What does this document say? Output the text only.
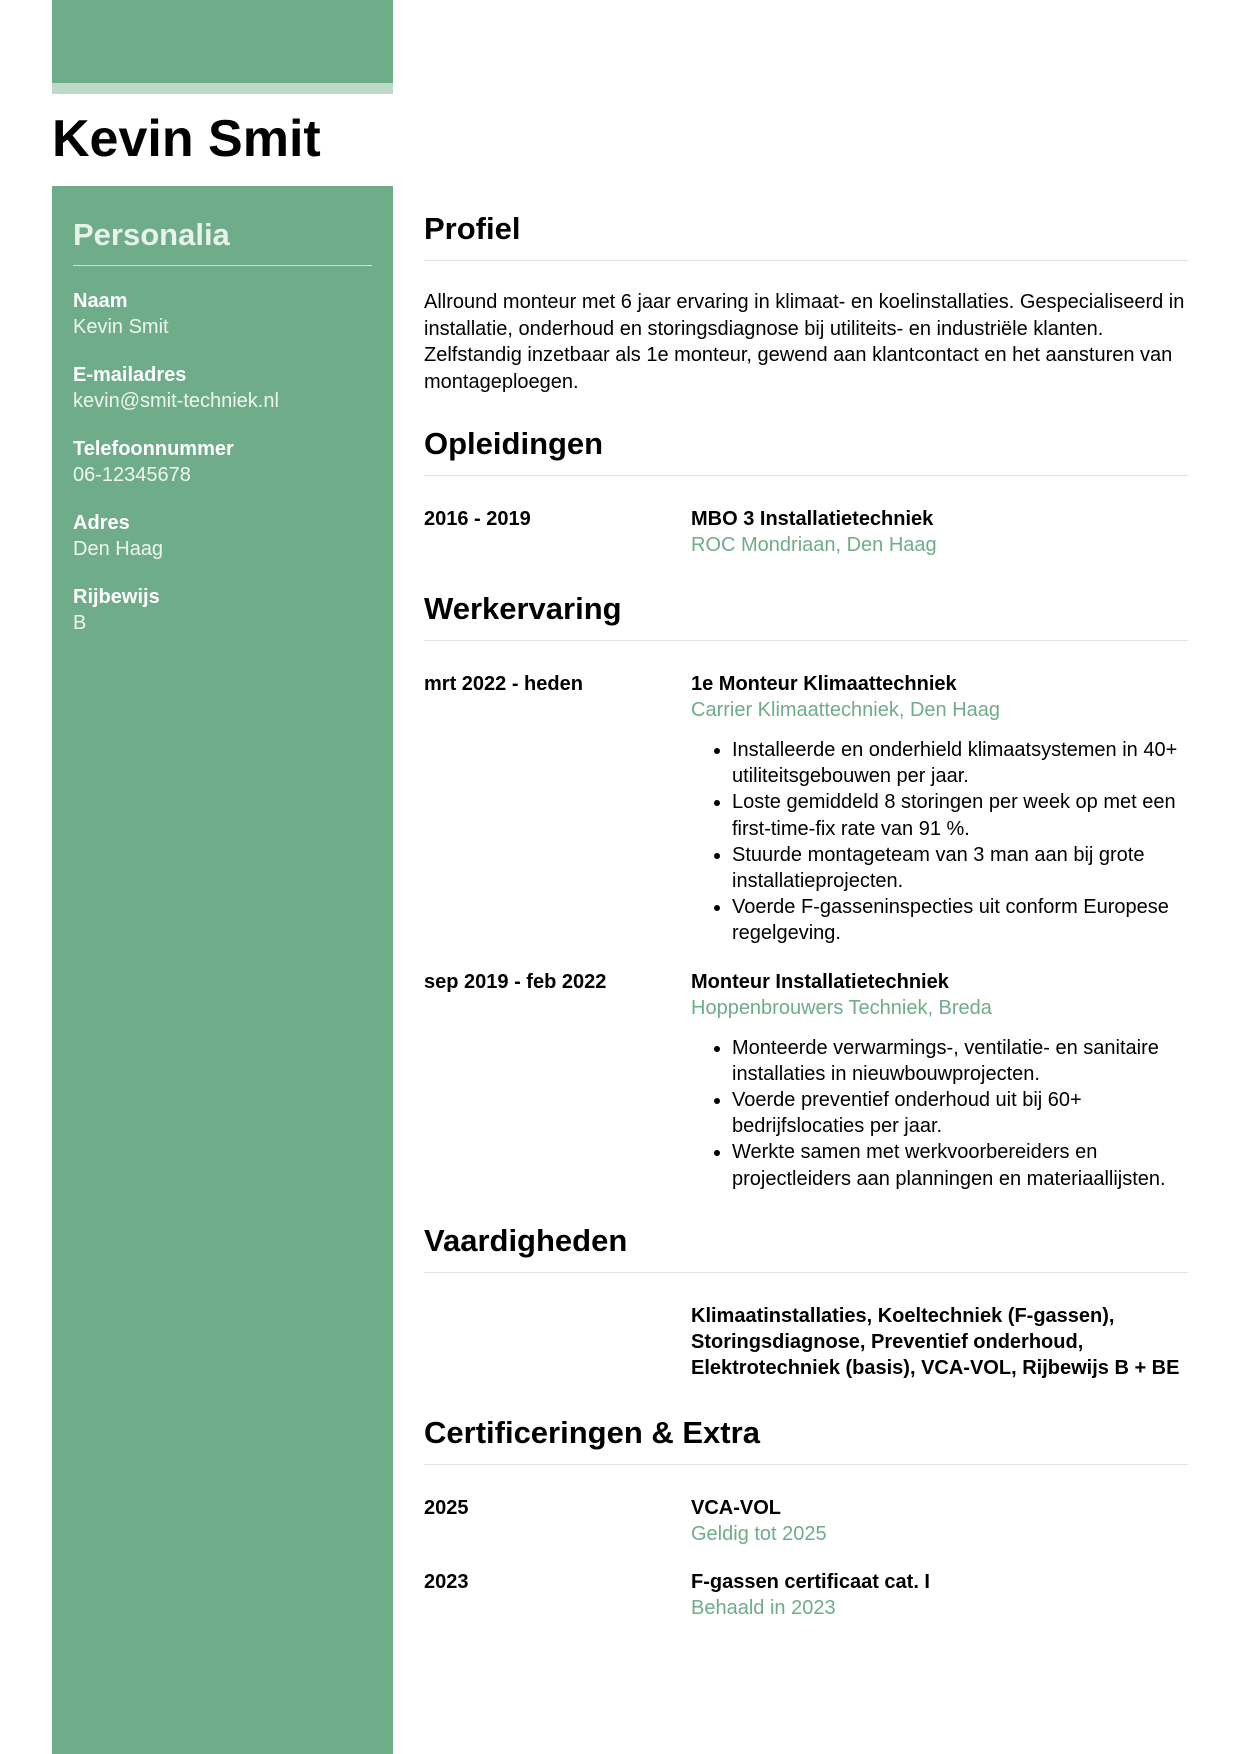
Kevin Smit
Personalia
Naam
Kevin Smit
E-mailadres
kevin@smit-techniek.nl
Telefoonnummer
06-12345678
Adres
Den Haag
Rijbewijs
B
Profiel

Allround monteur met 6 jaar ervaring in klimaat- en koelinstallaties. Gespecialiseerd in installatie, onderhoud en storingsdiagnose bij utiliteits- en industriële klanten. Zelfstandig inzetbaar als 1e monteur, gewend aan klantcontact en het aansturen van montageploegen.

Opleidingen
2016 - 2019	MBO 3 Installatietechniek
ROC Mondriaan, Den Haag
Werkervaring
mrt 2022 - heden	1e Monteur Klimaattechniek
Carrier Klimaattechniek, Den Haag
• Installeerde en onderhield klimaatsystemen in 40+ utiliteitsgebouwen per jaar.
• Loste gemiddeld 8 storingen per week op met een first-time-fix rate van 91 %.
• Stuurde montageteam van 3 man aan bij grote installatieprojecten.
• Voerde F-gasseninspecties uit conform Europese regelgeving.
sep 2019 - feb 2022	Monteur Installatietechniek
Hoppenbrouwers Techniek, Breda
• Monteerde verwarmings-, ventilatie- en sanitaire installaties in nieuwbouwprojecten.
• Voerde preventief onderhoud uit bij 60+ bedrijfslocaties per jaar.
• Werkte samen met werkvoorbereiders en projectleiders aan planningen en materiaallijsten.
Vaardigheden
Klimaatinstallaties, Koeltechniek (F-gassen), Storingsdiagnose, Preventief onderhoud, Elektrotechniek (basis), VCA-VOL, Rijbewijs B + BE
Certificeringen & Extra
2025	VCA-VOL
Geldig tot 2025
2023	F-gassen certificaat cat. I
Behaald in 2023
